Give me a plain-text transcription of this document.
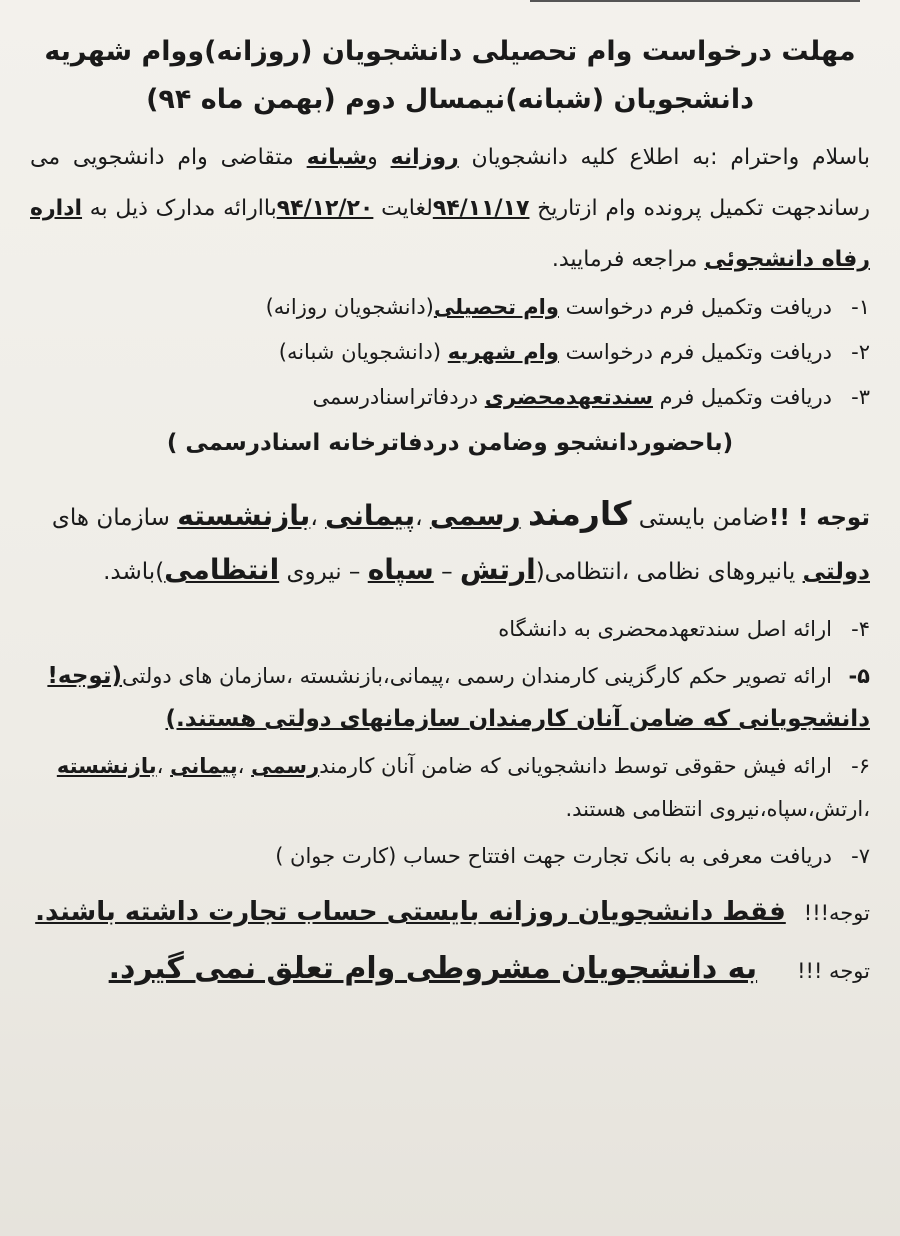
مهلت درخواست وام تحصیلی دانشجویان (روزانه)ووام شهریه
دانشجویان (شبانه)نیمسال دوم (بهمن ماه ۹۴)

باسلام واحترام :به اطلاع کلیه دانشجویان روزانه وشبانه متقاضی وام دانشجویی می رساندجهت تکمیل پرونده وام ازتاریخ ۹۴/۱۱/۱۷لغایت ۹۴/۱۲/۲۰باارائه مدارک ذیل به اداره رفاه دانشجوئی مراجعه فرمایید.

۱-دریافت وتکمیل فرم درخواست وام تحصیلی(دانشجویان روزانه)
۲-دریافت وتکمیل فرم درخواست وام شهریه (دانشجویان شبانه)
۳-دریافت وتکمیل فرم سندتعهدمحضری دردفاتراسنادرسمی
(باحضوردانشجو وضامن دردفاترخانه اسنادرسمی )

توجه ! !!ضامن بایستی کارمند رسمی ،پیمانی ،بازنشسته سازمان های دولتی یانیروهای نظامی ،انتظامی(ارتش – سپاه – نیروی انتظامی)باشد.

۴-ارائه اصل سندتعهدمحضری به دانشگاه
۵-ارائه تصویر حکم کارگزینی کارمندان رسمی ،پیمانی،بازنشسته ،سازمان های دولتی(توجه!دانشجویانی که ضامن آنان کارمندان سازمانهای دولتی هستند.)
۶-ارائه فیش حقوقی توسط دانشجویانی که ضامن آنان کارمندرسمی ،پیمانی ،بازنشسته ،ارتش،سپاه،نیروی انتظامی هستند.
۷-دریافت معرفی به بانک تجارت جهت افتتاح حساب (کارت جوان )
توجه!!!فقط دانشجویان روزانه بایستی حساب تجارت داشته باشند.
توجه !!!به دانشجویان مشروطی وام تعلق نمی گیرد.
